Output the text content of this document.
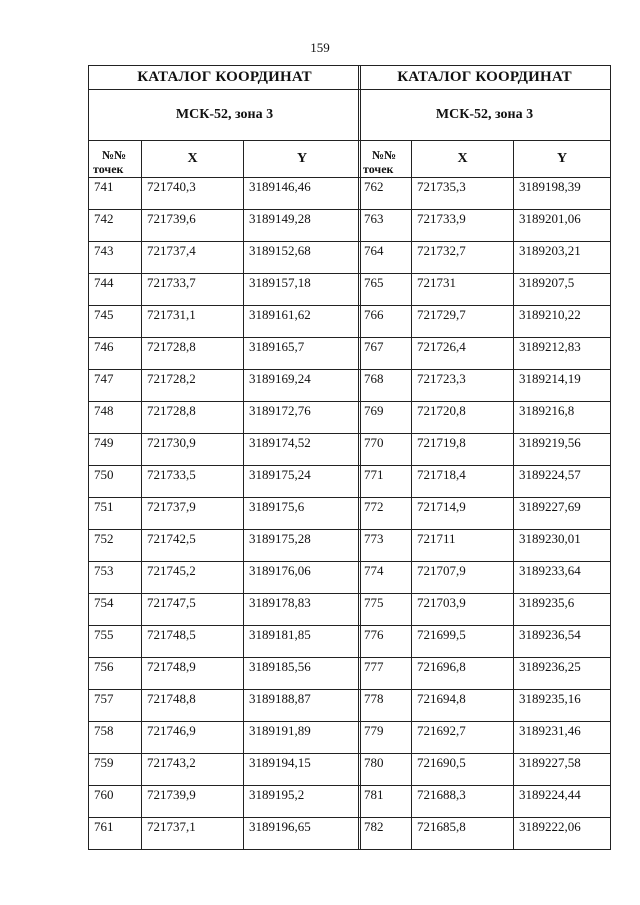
159
КАТАЛОГ КООРДИНАТ		
МСК-52, зона 3		

№№
точек	X	Y
741	721740,3	3189146,46
742	721739,6	3189149,28
743	721737,4	3189152,68
744	721733,7	3189157,18
745	721731,1	3189161,62
746	721728,8	3189165,7
747	721728,2	3189169,24
748	721728,8	3189172,76
749	721730,9	3189174,52
750	721733,5	3189175,24
751	721737,9	3189175,6
752	721742,5	3189175,28
753	721745,2	3189176,06
754	721747,5	3189178,83
755	721748,5	3189181,85
756	721748,9	3189185,56
757	721748,8	3189188,87
758	721746,9	3189191,89
759	721743,2	3189194,15
760	721739,9	3189195,2
761	721737,1	3189196,65
КАТАЛОГ КООРДИНАТ		
МСК-52, зона 3		

№№
точек	X	Y
762	721735,3	3189198,39
763	721733,9	3189201,06
764	721732,7	3189203,21
765	721731	3189207,5
766	721729,7	3189210,22
767	721726,4	3189212,83
768	721723,3	3189214,19
769	721720,8	3189216,8
770	721719,8	3189219,56
771	721718,4	3189224,57
772	721714,9	3189227,69
773	721711	3189230,01
774	721707,9	3189233,64
775	721703,9	3189235,6
776	721699,5	3189236,54
777	721696,8	3189236,25
778	721694,8	3189235,16
779	721692,7	3189231,46
780	721690,5	3189227,58
781	721688,3	3189224,44
782	721685,8	3189222,06
